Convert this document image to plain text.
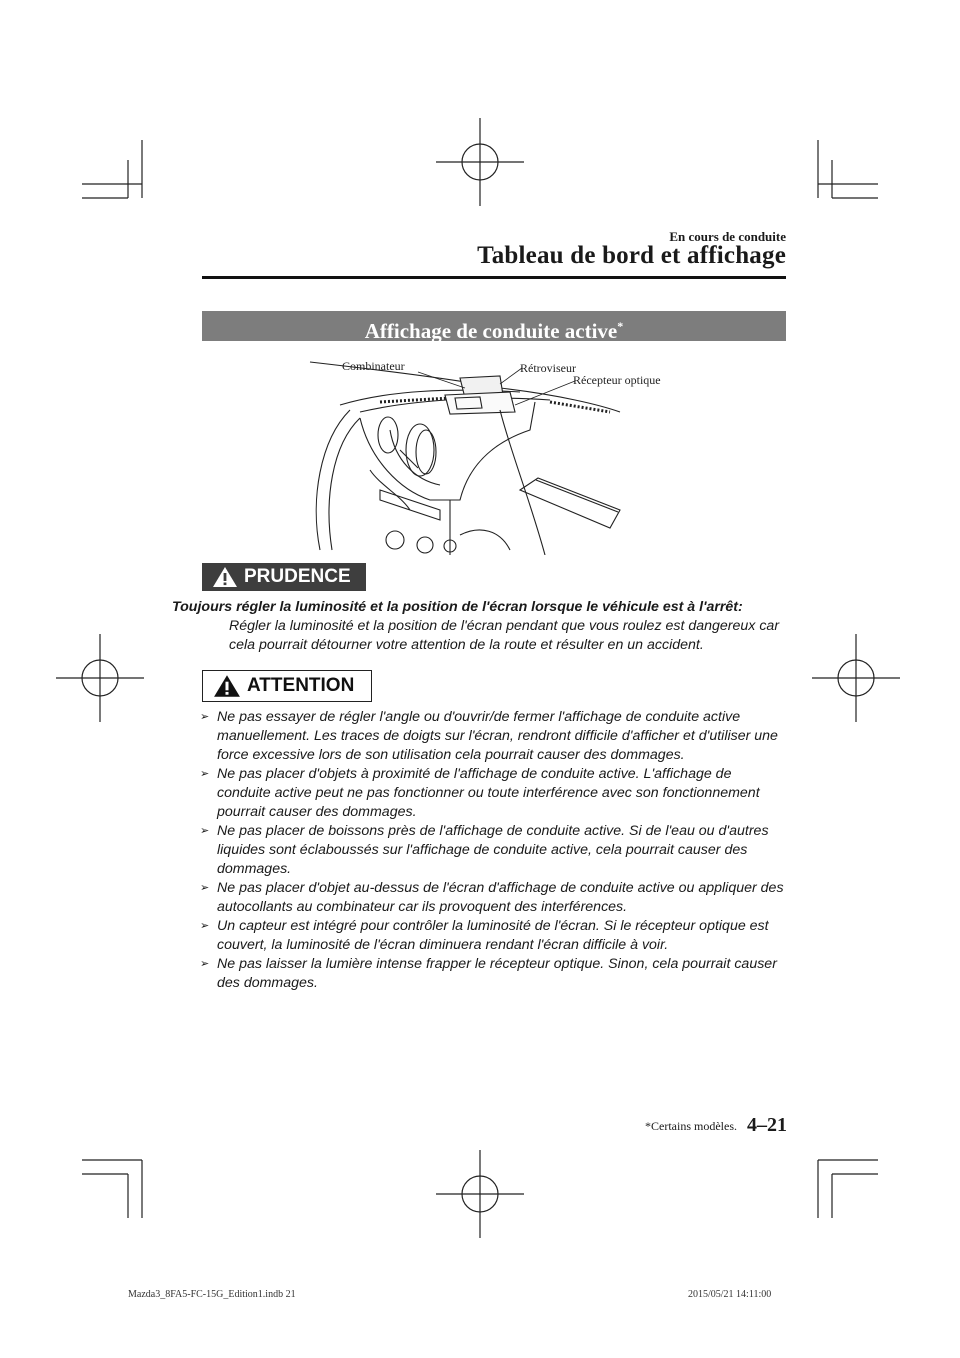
En cours de conduite
Tableau de bord et affichage
Affichage de conduite active*
Combinateur	Rétroviseur
Récepteur optique
PRUDENCE
Toujours régler la luminosité et la position de l'écran lorsque le véhicule est à l'arrêt:
Régler la luminosité et la position de l'écran pendant que vous roulez est dangereux car cela pourrait détourner votre attention de la route et résulter en un accident.
ATTENTION
➢ Ne pas essayer de régler l'angle ou d'ouvrir/de fermer l'affichage de conduite active manuellement. Les traces de doigts sur l'écran, rendront difficile d'afficher et d'utiliser une force excessive lors de son utilisation cela pourrait causer des dommages.
➢ Ne pas placer d'objets à proximité de l'affichage de conduite active. L'affichage de conduite active peut ne pas fonctionner ou toute interférence avec son fonctionnement pourrait causer des dommages.
➢ Ne pas placer de boissons près de l'affichage de conduite active. Si de l'eau ou d'autres liquides sont éclaboussés sur l'affichage de conduite active, cela pourrait causer des dommages.
➢ Ne pas placer d'objet au-dessus de l'écran d'affichage de conduite active ou appliquer des autocollants au combinateur car ils provoquent des interférences.
➢ Un capteur est intégré pour contrôler la luminosité de l'écran. Si le récepteur optique est couvert, la luminosité de l'écran diminuera rendant l'écran difficile à voir.
➢ Ne pas laisser la lumière intense frapper le récepteur optique. Sinon, cela pourrait causer des dommages.
*Certains modèles. 4–21
Mazda3_8FA5-FC-15G_Edition1.indb 21	2015/05/21 14:11:00
